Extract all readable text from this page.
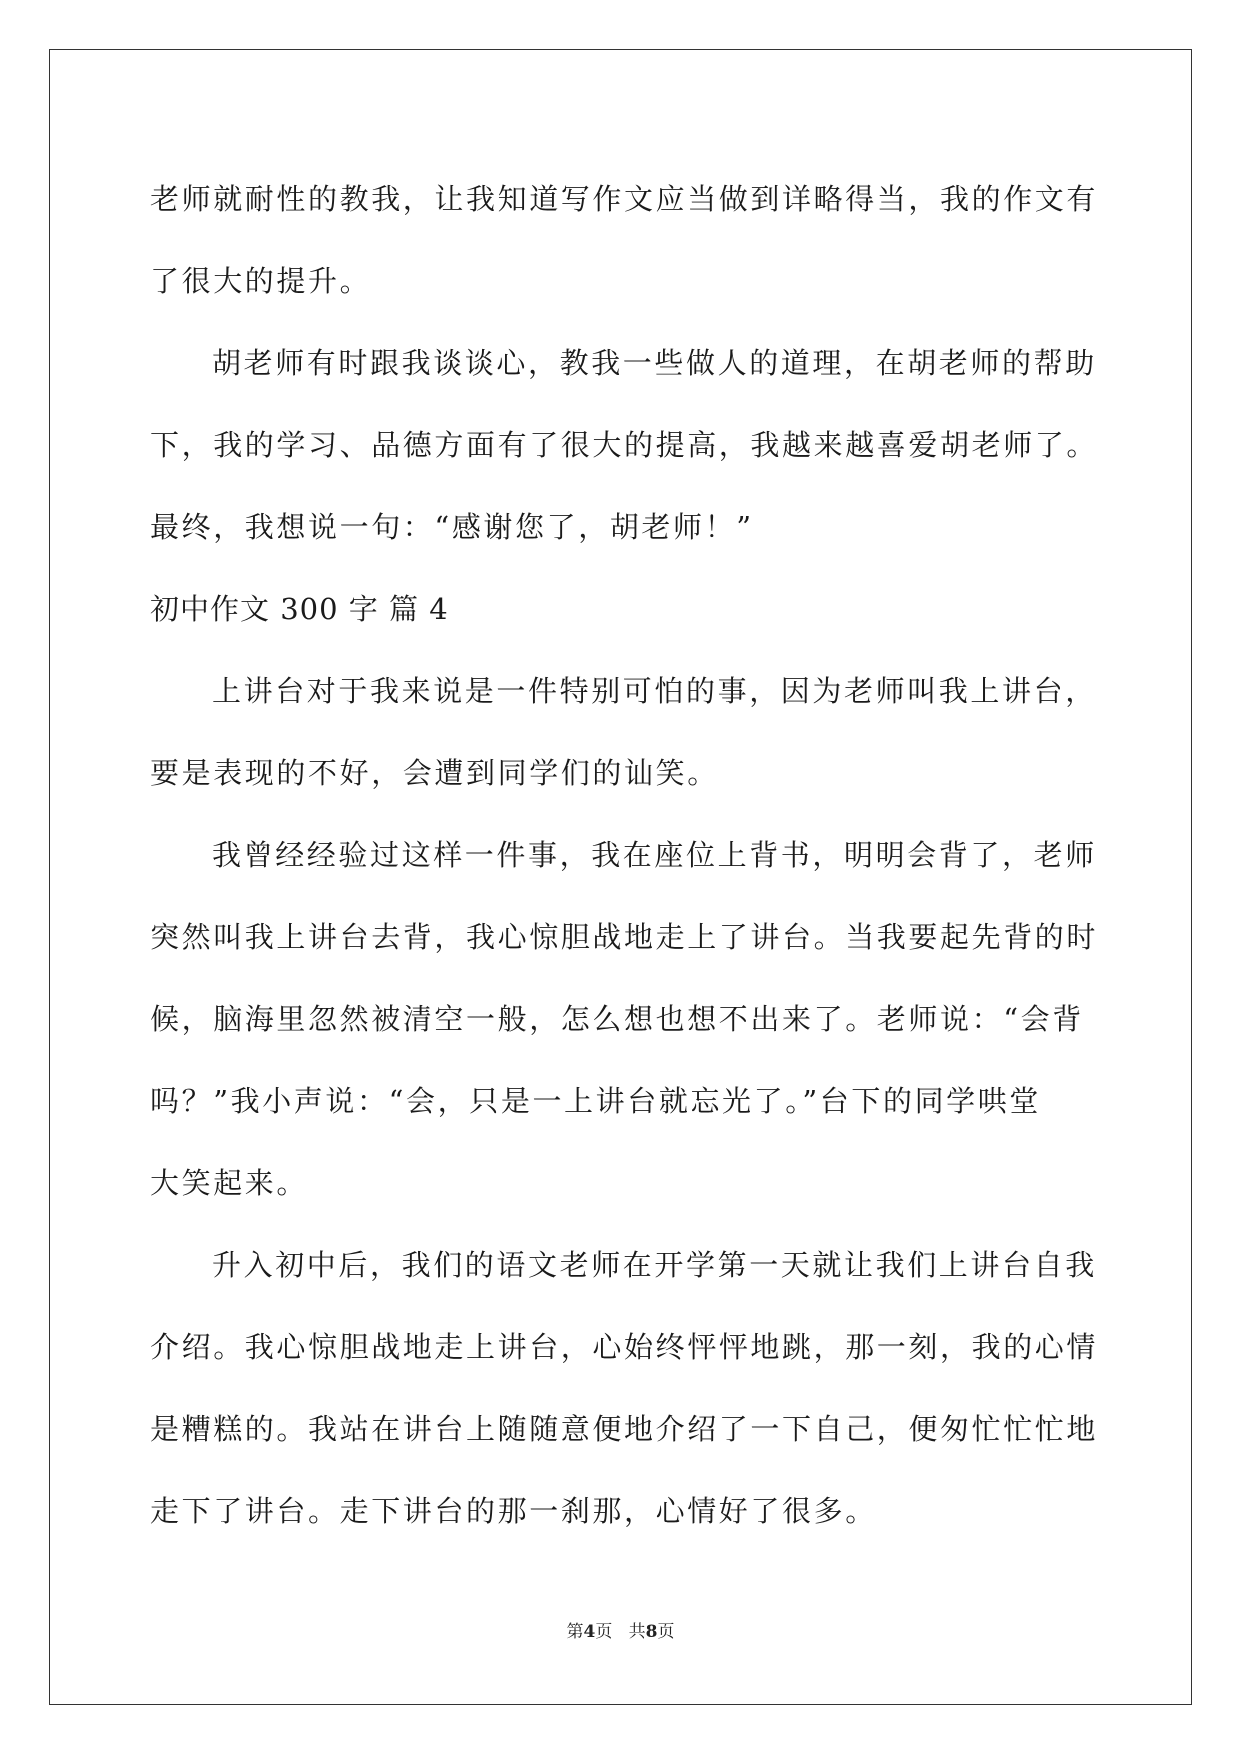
老师就耐性的教我，让我知道写作文应当做到详略得当，我的作文有
了很大的提升。
胡老师有时跟我谈谈心，教我一些做人的道理，在胡老师的帮助
下，我的学习、品德方面有了很大的提高，我越来越喜爱胡老师了。
最终，我想说一句：“感谢您了，胡老师！”
初中作文 300 字 篇 4
上讲台对于我来说是一件特别可怕的事，因为老师叫我上讲台，
要是表现的不好，会遭到同学们的讪笑。
我曾经经验过这样一件事，我在座位上背书，明明会背了，老师
突然叫我上讲台去背，我心惊胆战地走上了讲台。当我要起先背的时
候，脑海里忽然被清空一般，怎么想也想不出来了。老师说：“会背
吗？”我小声说：“会，只是一上讲台就忘光了。”台下的同学哄堂
大笑起来。
升入初中后，我们的语文老师在开学第一天就让我们上讲台自我
介绍。我心惊胆战地走上讲台，心始终怦怦地跳，那一刻，我的心情
是糟糕的。我站在讲台上随随意便地介绍了一下自己，便匆忙忙忙地
走下了讲台。走下讲台的那一刹那，心情好了很多。
第4页 共8页
